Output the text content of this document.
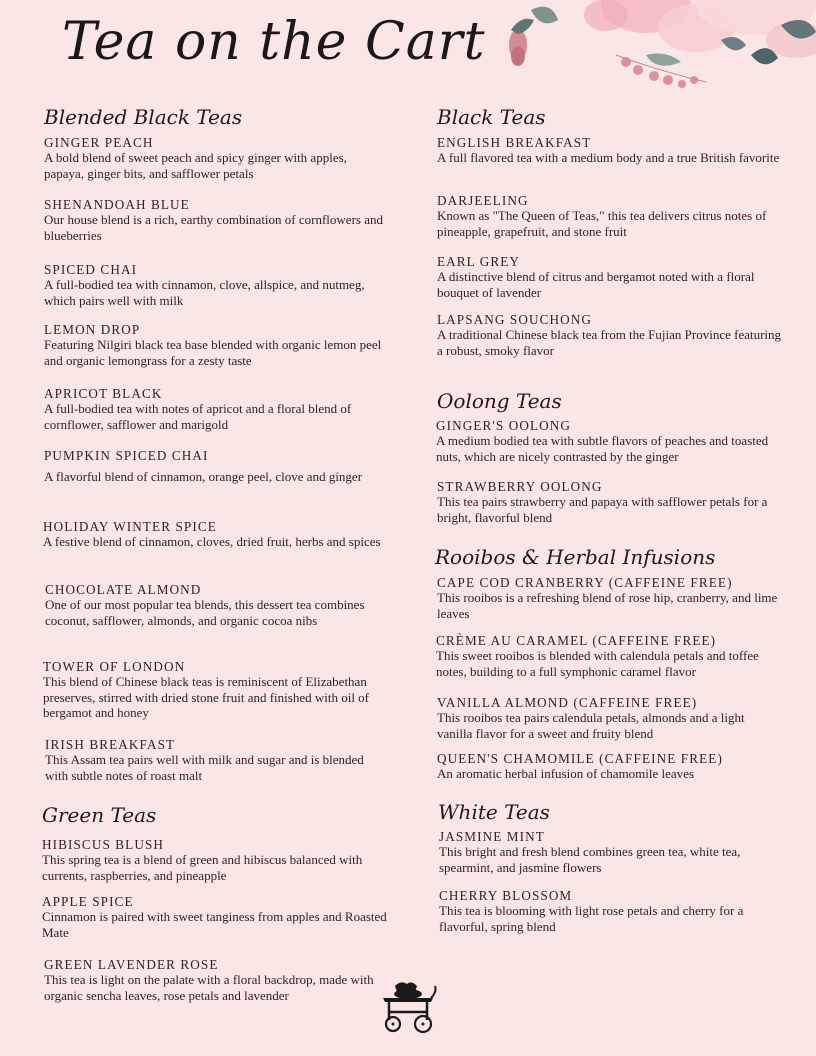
Tea on the Cart
Blended Black Teas
GINGER PEACH
A bold blend of sweet peach and spicy ginger with apples, papaya, ginger bits, and safflower petals
SHENANDOAH BLUE
Our house blend is a rich, earthy combination of cornflowers and blueberries
SPICED CHAI
A full-bodied tea with cinnamon, clove, allspice, and nutmeg, which pairs well with milk
LEMON DROP
Featuring Nilgiri black tea base blended with organic lemon peel and organic lemongrass for a zesty taste
APRICOT BLACK
A full-bodied tea with notes of apricot and a floral blend of cornflower, safflower and marigold
PUMPKIN SPICED CHAI
A flavorful blend of cinnamon, orange peel, clove and ginger
HOLIDAY WINTER SPICE
A festive blend of cinnamon, cloves, dried fruit, herbs and spices
CHOCOLATE ALMOND
One of our most popular tea blends, this dessert tea combines coconut, safflower, almonds, and organic cocoa nibs
TOWER OF LONDON
This blend of Chinese black teas is reminiscent of Elizabethan preserves, stirred with dried stone fruit and finished with oil of bergamot and honey
IRISH BREAKFAST
This Assam tea pairs well with milk and sugar and is blended with subtle notes of roast malt
Green Teas
HIBISCUS BLUSH
This spring tea is a blend of green and hibiscus balanced with currents, raspberries, and pineapple
APPLE SPICE
Cinnamon is paired with sweet tanginess from apples and Roasted Mate
GREEN LAVENDER ROSE
This tea is light on the palate with a floral backdrop, made with organic sencha leaves, rose petals and lavender
Black Teas
ENGLISH BREAKFAST
A full flavored tea with a medium body and a true British favorite
DARJEELING
Known as "The Queen of Teas," this tea delivers citrus notes of pineapple, grapefruit, and stone fruit
EARL GREY
A distinctive blend of citrus and bergamot noted with a floral bouquet of lavender
LAPSANG SOUCHONG
A traditional Chinese black tea from the Fujian Province featuring a robust, smoky flavor
Oolong Teas
GINGER'S OOLONG
A medium bodied tea with subtle flavors of peaches and toasted nuts, which are nicely contrasted by the ginger
STRAWBERRY OOLONG
This tea pairs strawberry and papaya with safflower petals for a bright, flavorful blend
Rooibos & Herbal Infusions
CAPE COD CRANBERRY (CAFFEINE FREE)
This rooibos is a refreshing blend of rose hip, cranberry, and lime leaves
CRÈME AU CARAMEL (CAFFEINE FREE)
This sweet rooibos is blended with calendula petals and toffee notes, building to a full symphonic caramel flavor
VANILLA ALMOND (CAFFEINE FREE)
This rooibos tea pairs calendula petals, almonds and a light vanilla flavor for a sweet and fruity blend
QUEEN'S CHAMOMILE (CAFFEINE FREE)
An aromatic herbal infusion of chamomile leaves
White Teas
JASMINE MINT
This bright and fresh blend combines green tea, white tea, spearmint, and jasmine flowers
CHERRY BLOSSOM
This tea is blooming with light rose petals and cherry for a flavorful, spring blend
